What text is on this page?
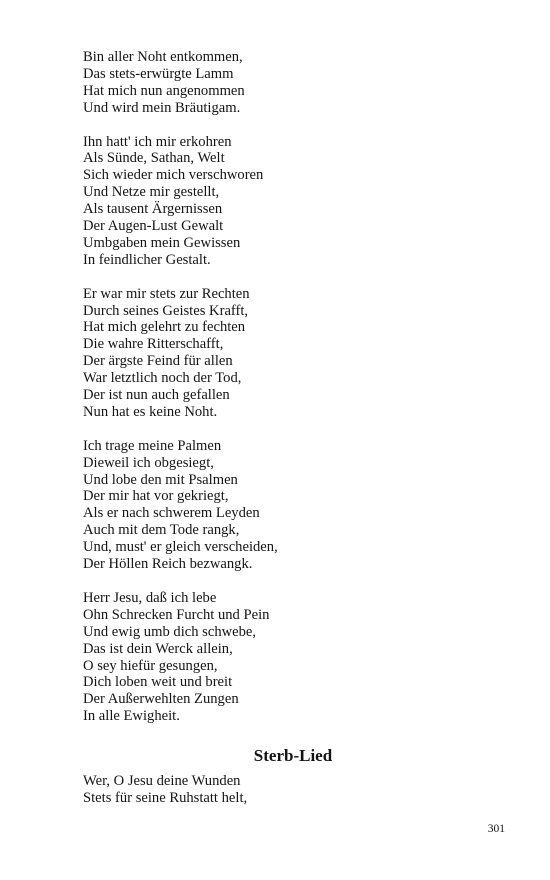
Bin aller Noht entkommen,
Das stets-erwürgte Lamm
Hat mich nun angenommen
Und wird mein Bräutigam.
Ihn hatt' ich mir erkohren
Als Sünde, Sathan, Welt
Sich wieder mich verschworen
Und Netze mir gestellt,
Als tausent Ärgernissen
Der Augen-Lust Gewalt
Umbgaben mein Gewissen
In feindlicher Gestalt.
Er war mir stets zur Rechten
Durch seines Geistes Krafft,
Hat mich gelehrt zu fechten
Die wahre Ritterschafft,
Der ärgste Feind für allen
War letztlich noch der Tod,
Der ist nun auch gefallen
Nun hat es keine Noht.
Ich trage meine Palmen
Dieweil ich obgesiegt,
Und lobe den mit Psalmen
Der mir hat vor gekriegt,
Als er nach schwerem Leyden
Auch mit dem Tode rangk,
Und, must' er gleich verscheiden,
Der Höllen Reich bezwangk.
Herr Jesu, daß ich lebe
Ohn Schrecken Furcht und Pein
Und ewig umb dich schwebe,
Das ist dein Werck allein,
O sey hiefür gesungen,
Dich loben weit und breit
Der Außerwehlten Zungen
In alle Ewigheit.
Sterb-Lied
Wer, O Jesu deine Wunden
Stets für seine Ruhstatt helt,
301
